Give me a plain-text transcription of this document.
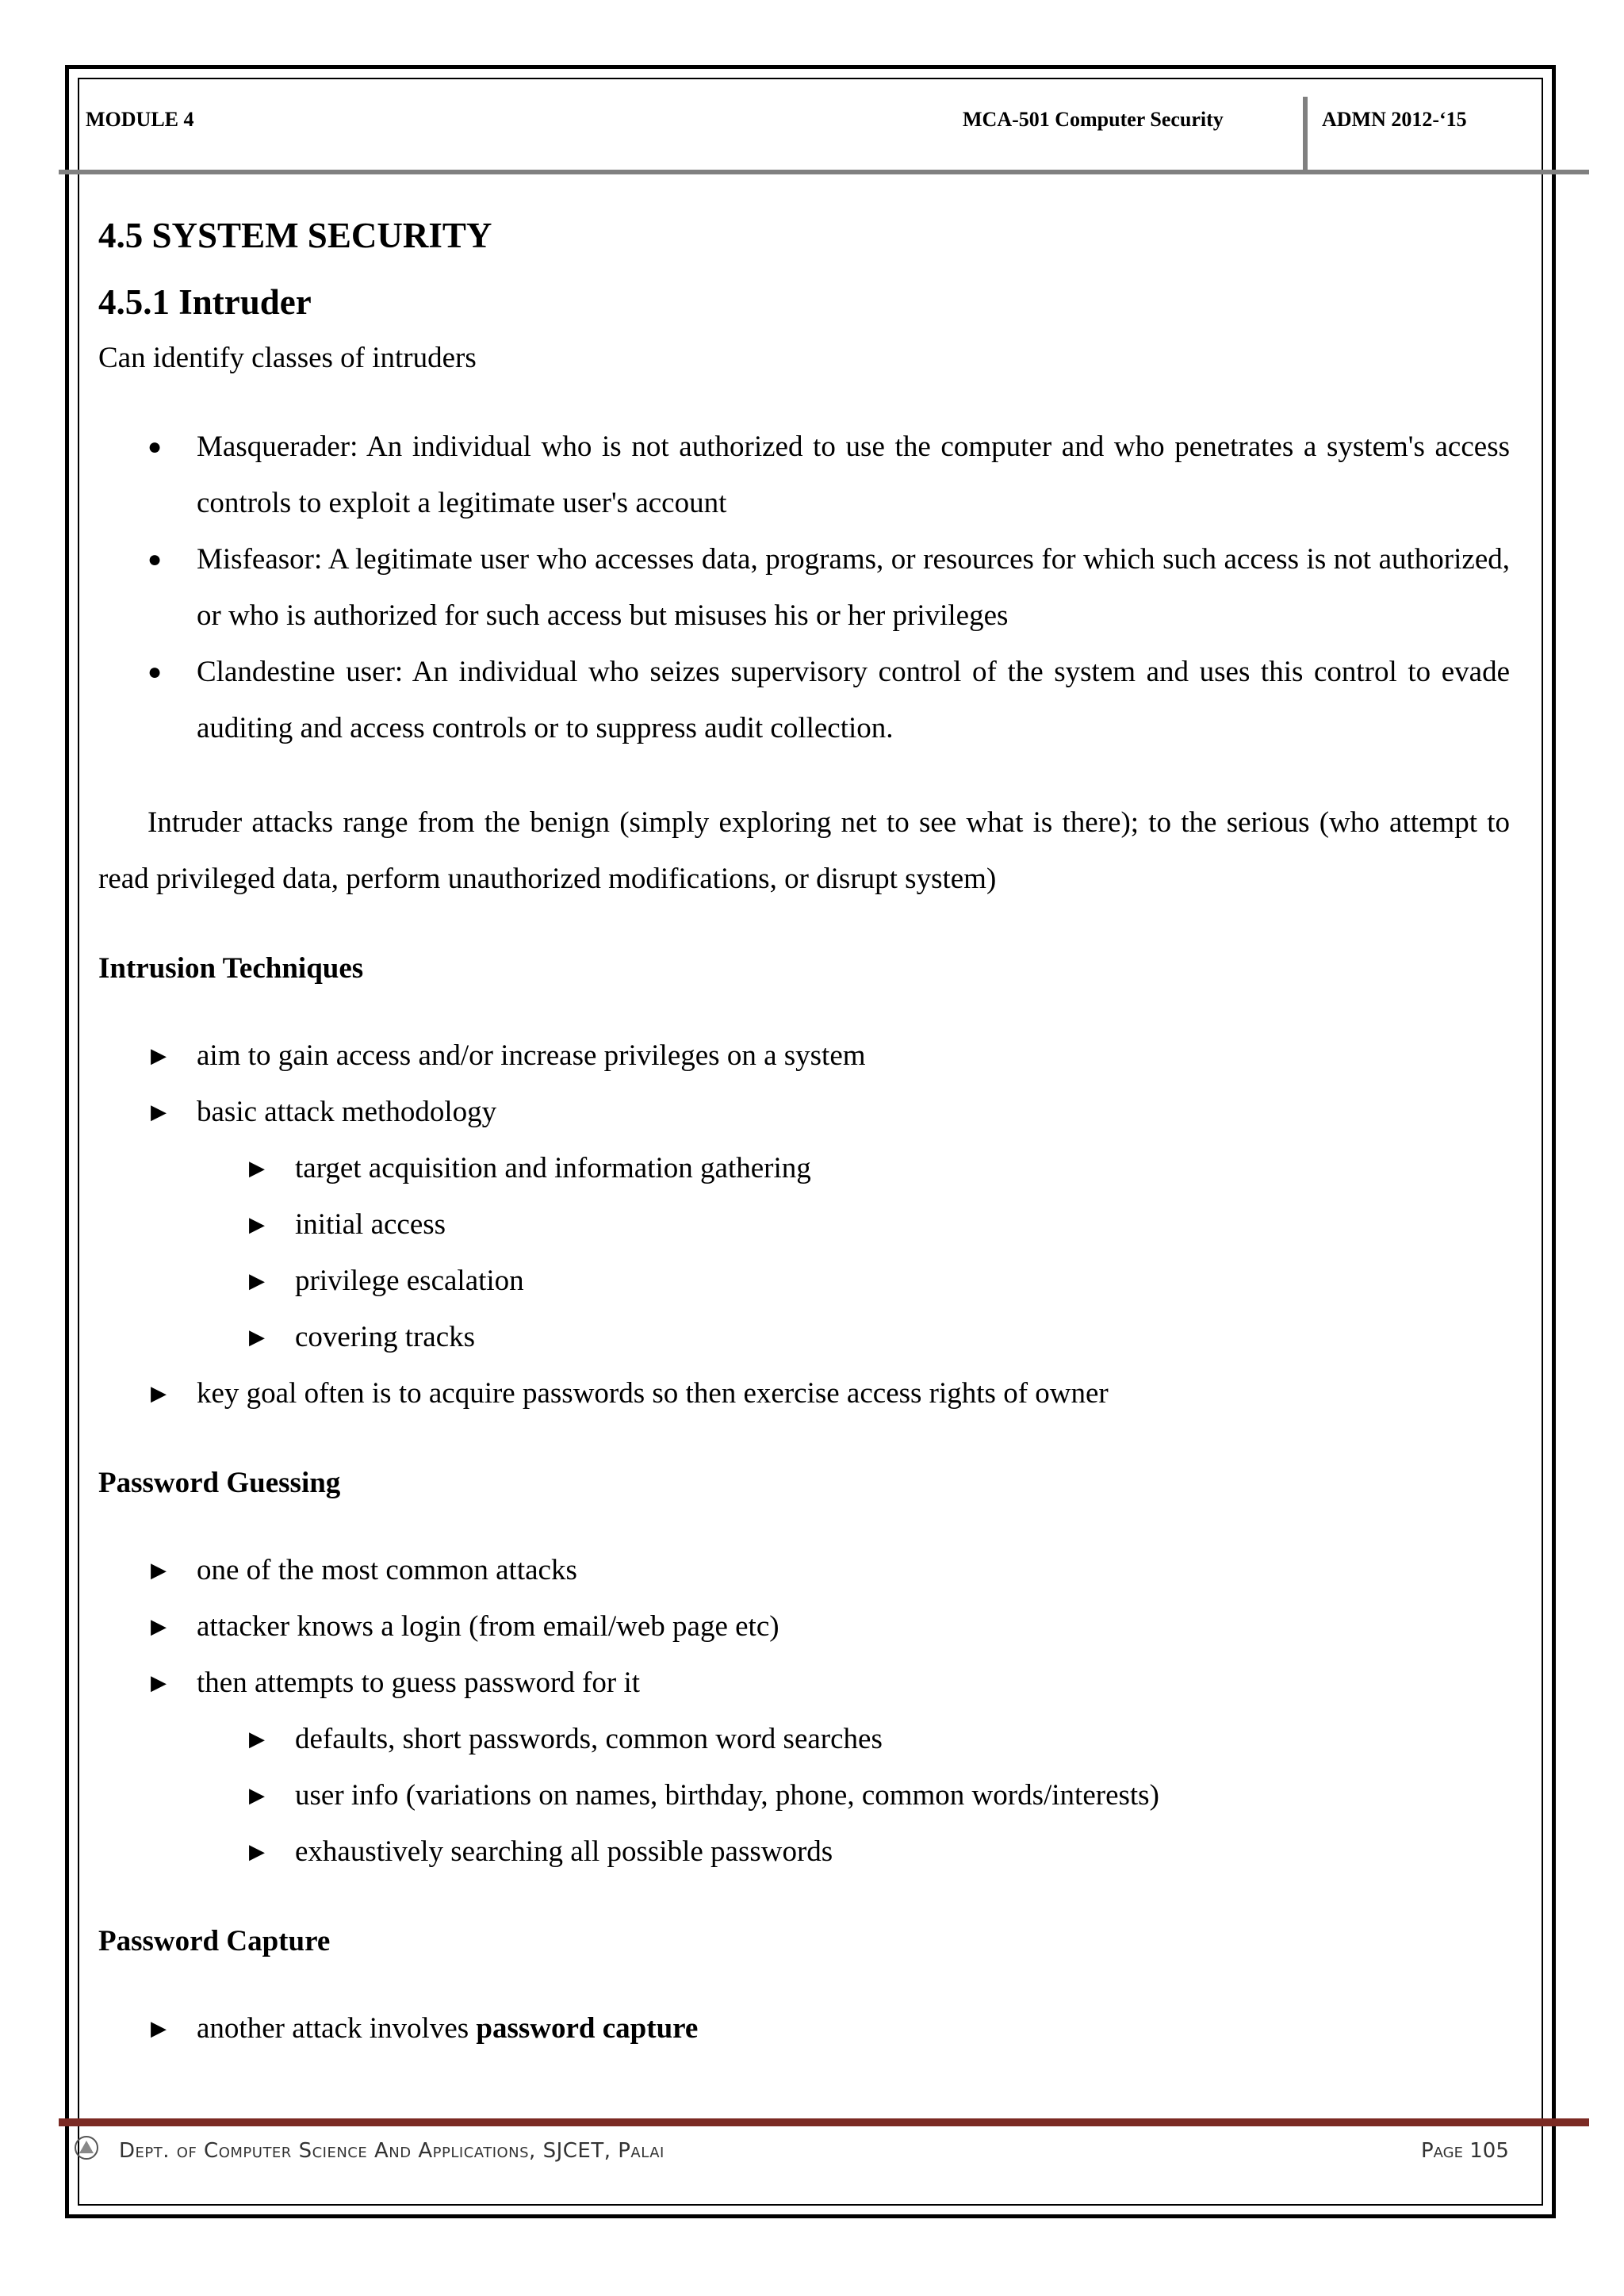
MODULE 4	MCA-501 Computer Security	ADMN 2012-‘15
4.5 SYSTEM SECURITY
4.5.1 Intruder

Can identify classes of intruders

● Masquerader: An individual who is not authorized to use the computer and who penetrates a system's access controls to exploit a legitimate user's account
● Misfeasor: A legitimate user who accesses data, programs, or resources for which such access is not authorized, or who is authorized for such access but misuses his or her privileges
● Clandestine user: An individual who seizes supervisory control of the system and uses this control to evade auditing and access controls or to suppress audit collection.

Intruder attacks range from the benign (simply exploring net to see what is there); to the serious (who attempt to read privileged data, perform unauthorized modifications, or disrupt system)

Intrusion Techniques
▶ aim to gain access and/or increase privileges on a system
▶ basic attack methodology
▶ target acquisition and information gathering
▶ initial access
▶ privilege escalation
▶ covering tracks
▶ key goal often is to acquire passwords so then exercise access rights of owner
Password Guessing
▶ one of the most common attacks
▶ attacker knows a login (from email/web page etc)
▶ then attempts to guess password for it
▶ defaults, short passwords, common word searches
▶ user info (variations on names, birthday, phone, common words/interests)
▶ exhaustively searching all possible passwords
Password Capture
▶ another attack involves password capture
Dept. of Computer Science And Applications, SJCET, Palai	Page 105
